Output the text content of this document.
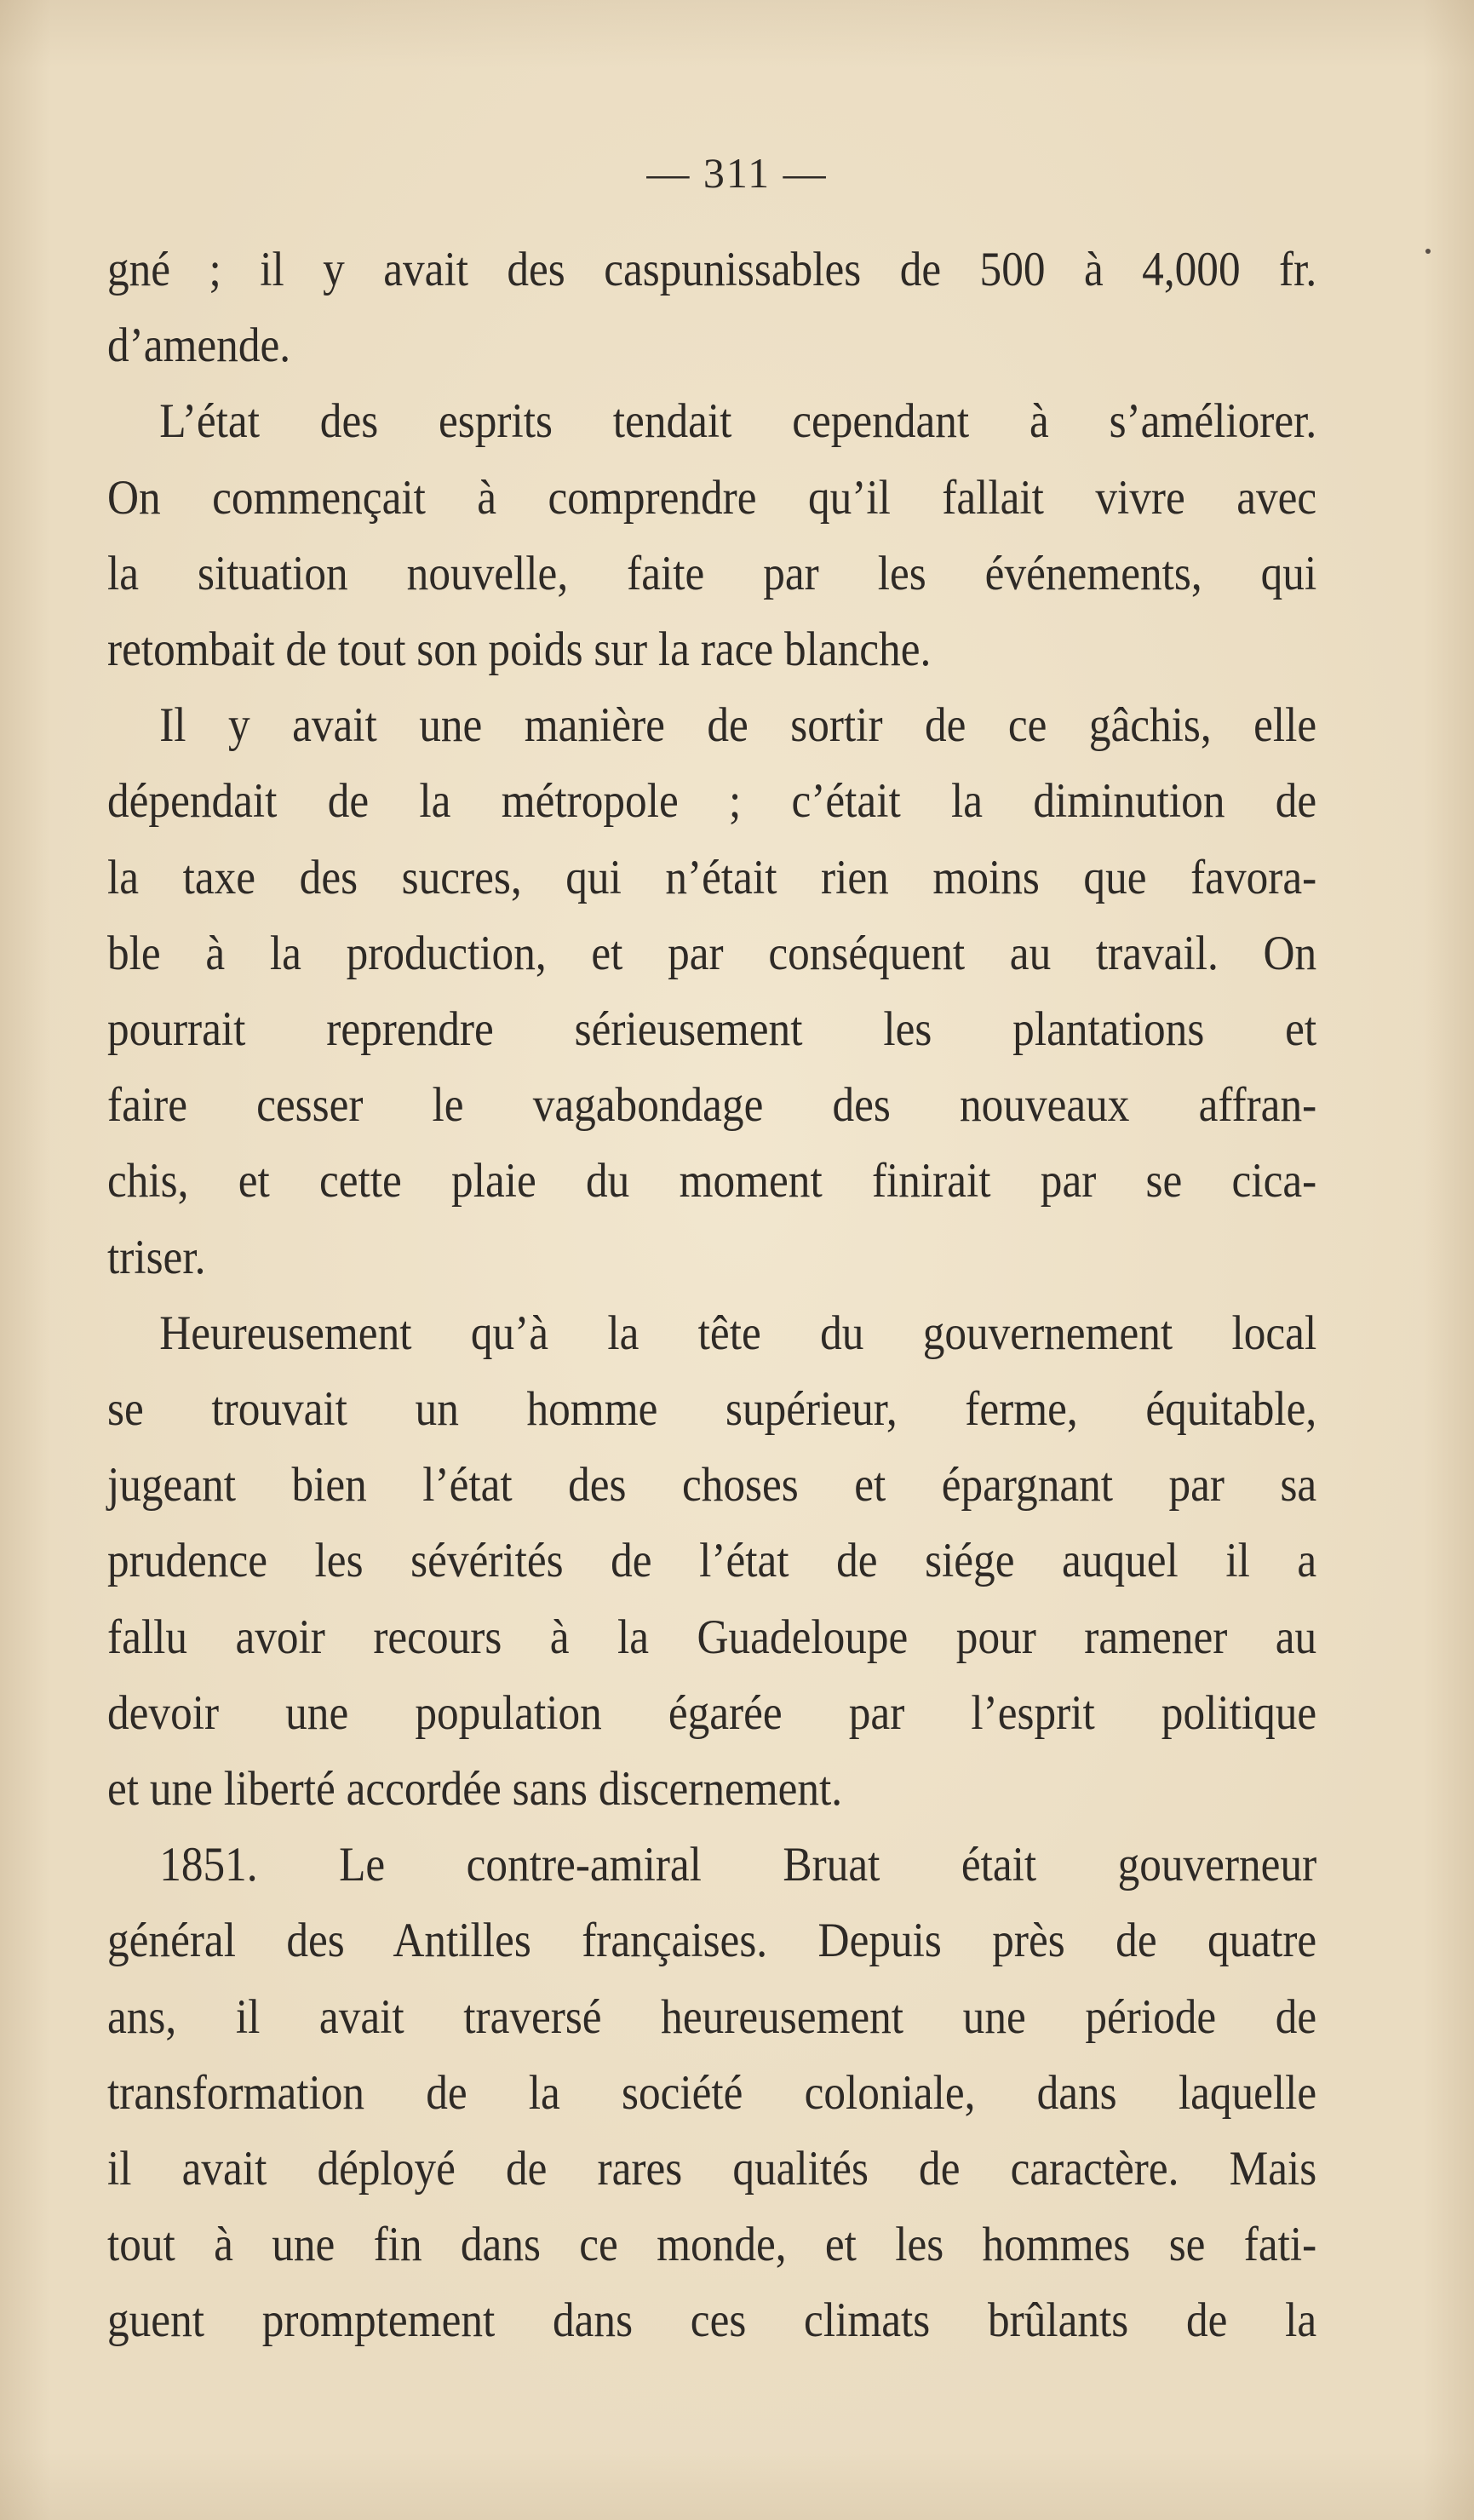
— 311 —
gné ; il y avait des caspunissables de 500 à 4,000 fr.
d’amende.
L’état des esprits tendait cependant à s’améliorer.
On commençait à comprendre qu’il fallait vivre avec
la situation nouvelle, faite par les événements, qui
retombait de tout son poids sur la race blanche.
Il y avait une manière de sortir de ce gâchis, elle
dépendait de la métropole ; c’était la diminution de
la taxe des sucres, qui n’était rien moins que favora-
ble à la production, et par conséquent au travail. On
pourrait reprendre sérieusement les plantations et
faire cesser le vagabondage des nouveaux affran-
chis, et cette plaie du moment finirait par se cica-
triser.
Heureusement qu’à la tête du gouvernement local
se trouvait un homme supérieur, ferme, équitable,
jugeant bien l’état des choses et épargnant par sa
prudence les sévérités de l’état de siége auquel il a
fallu avoir recours à la Guadeloupe pour ramener au
devoir une population égarée par l’esprit politique
et une liberté accordée sans discernement.
1851. Le contre-amiral Bruat était gouverneur
général des Antilles françaises. Depuis près de quatre
ans, il avait traversé heureusement une période de
transformation de la société coloniale, dans laquelle
il avait déployé de rares qualités de caractère. Mais
tout à une fin dans ce monde, et les hommes se fati-
guent promptement dans ces climats brûlants de la
